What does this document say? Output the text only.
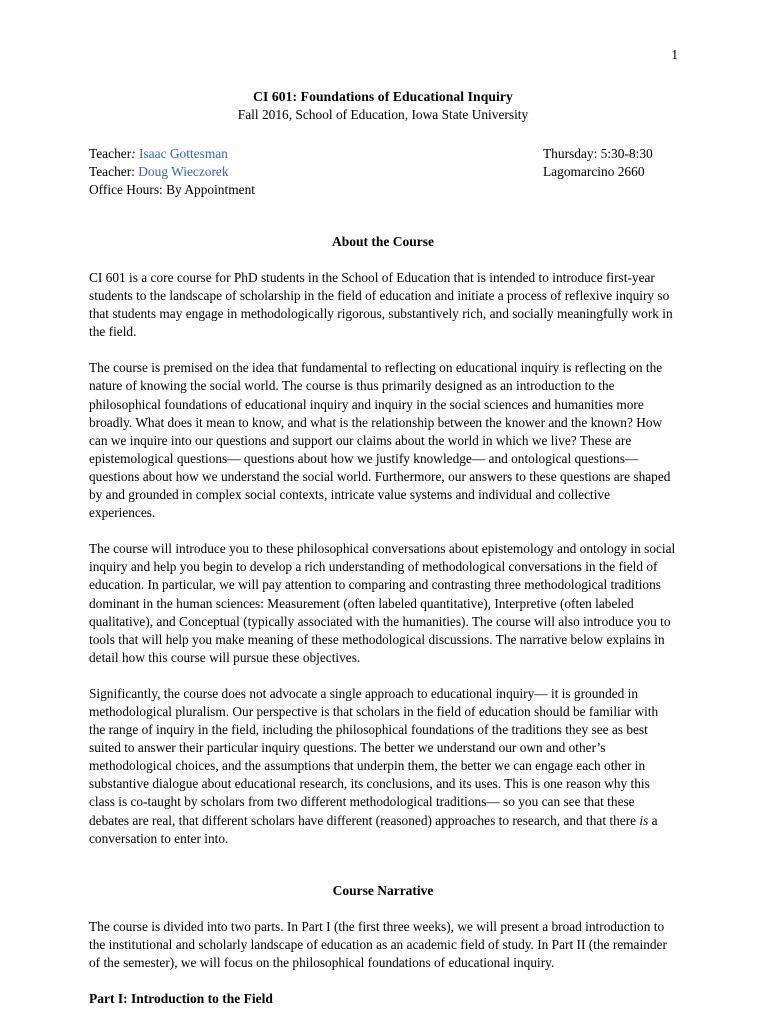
1
CI 601: Foundations of Educational Inquiry
Fall 2016, School of Education, Iowa State University
Teacher: Isaac Gottesman
Teacher: Doug Wieczorek
Office Hours: By Appointment
Thursday: 5:30-8:30
Lagomarcino 2660
About the Course

CI 601 is a core course for PhD students in the School of Education that is intended to introduce first-year students to the landscape of scholarship in the field of education and initiate a process of reflexive inquiry so that students may engage in methodologically rigorous, substantively rich, and socially meaningfully work in the field.

The course is premised on the idea that fundamental to reflecting on educational inquiry is reflecting on the nature of knowing the social world. The course is thus primarily designed as an introduction to the philosophical foundations of educational inquiry and inquiry in the social sciences and humanities more broadly. What does it mean to know, and what is the relationship between the knower and the known? How can we inquire into our questions and support our claims about the world in which we live? These are epistemological questions— questions about how we justify knowledge— and ontological questions— questions about how we understand the social world. Furthermore, our answers to these questions are shaped by and grounded in complex social contexts, intricate value systems and individual and collective experiences.

The course will introduce you to these philosophical conversations about epistemology and ontology in social inquiry and help you begin to develop a rich understanding of methodological conversations in the field of education. In particular, we will pay attention to comparing and contrasting three methodological traditions dominant in the human sciences: Measurement (often labeled quantitative), Interpretive (often labeled qualitative), and Conceptual (typically associated with the humanities). The course will also introduce you to tools that will help you make meaning of these methodological discussions. The narrative below explains in detail how this course will pursue these objectives.

Significantly, the course does not advocate a single approach to educational inquiry— it is grounded in methodological pluralism. Our perspective is that scholars in the field of education should be familiar with the range of inquiry in the field, including the philosophical foundations of the traditions they see as best suited to answer their particular inquiry questions. The better we understand our own and other’s methodological choices, and the assumptions that underpin them, the better we can engage each other in substantive dialogue about educational research, its conclusions, and its uses. This is one reason why this class is co-taught by scholars from two different methodological traditions— so you can see that these debates are real, that different scholars have different (reasoned) approaches to research, and that there is a conversation to enter into.

Course Narrative

The course is divided into two parts. In Part I (the first three weeks), we will present a broad introduction to the institutional and scholarly landscape of education as an academic field of study. In Part II (the remainder of the semester), we will focus on the philosophical foundations of educational inquiry.

Part I: Introduction to the Field
